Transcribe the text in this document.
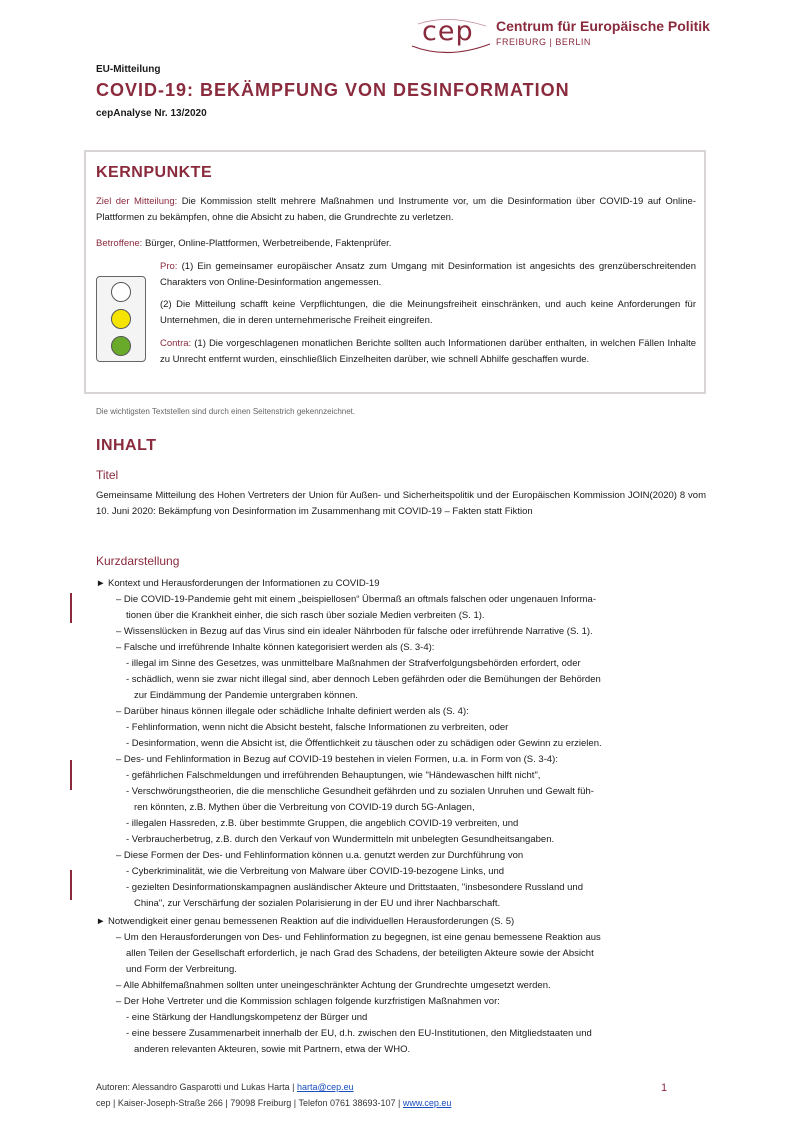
cep Centrum für Europäische Politik
FREIBURG | BERLIN
EU-Mitteilung
COVID-19: BEKÄMPFUNG VON DESINFORMATION
cepAnalyse Nr. 13/2020
KERNPUNKTE
Ziel der Mitteilung: Die Kommission stellt mehrere Maßnahmen und Instrumente vor, um die Desinformation über COVID-19 auf Online-Plattformen zu bekämpfen, ohne die Absicht zu haben, die Grundrechte zu verletzen.
Betroffene: Bürger, Online-Plattformen, Werbetreibende, Faktenprüfer.
Pro: (1) Ein gemeinsamer europäischer Ansatz zum Umgang mit Desinformation ist angesichts des grenzüberschreitenden Charakters von Online-Desinformation angemessen.
(2) Die Mitteilung schafft keine Verpflichtungen, die die Meinungsfreiheit einschränken, und auch keine Anforderungen für Unternehmen, die in deren unternehmerische Freiheit eingreifen.
Contra: (1) Die vorgeschlagenen monatlichen Berichte sollten auch Informationen darüber enthalten, in welchen Fällen Inhalte zu Unrecht entfernt wurden, einschließlich Einzelheiten darüber, wie schnell Abhilfe geschaffen wurde.
Die wichtigsten Textstellen sind durch einen Seitenstrich gekennzeichnet.
INHALT
Titel
Gemeinsame Mitteilung des Hohen Vertreters der Union für Außen- und Sicherheitspolitik und der Europäischen Kommission JOIN(2020) 8 vom 10. Juni 2020: Bekämpfung von Desinformation im Zusammenhang mit COVID-19 – Fakten statt Fiktion
Kurzdarstellung
► Kontext und Herausforderungen der Informationen zu COVID-19
– Die COVID-19-Pandemie geht mit einem „beispiellosen“ Übermaß an oftmals falschen oder ungenauen Informa-
tionen über die Krankheit einher, die sich rasch über soziale Medien verbreiten (S. 1).
– Wissenslücken in Bezug auf das Virus sind ein idealer Nährboden für falsche oder irreführende Narrative (S. 1).
– Falsche und irreführende Inhalte können kategorisiert werden als (S. 3-4):
- illegal im Sinne des Gesetzes, was unmittelbare Maßnahmen der Strafverfolgungsbehörden erfordert, oder
- schädlich, wenn sie zwar nicht illegal sind, aber dennoch Leben gefährden oder die Bemühungen der Behörden
zur Eindämmung der Pandemie untergraben können.
– Darüber hinaus können illegale oder schädliche Inhalte definiert werden als (S. 4):
- Fehlinformation, wenn nicht die Absicht besteht, falsche Informationen zu verbreiten, oder
- Desinformation, wenn die Absicht ist, die Öffentlichkeit zu täuschen oder zu schädigen oder Gewinn zu erzielen.
– Des- und Fehlinformation in Bezug auf COVID-19 bestehen in vielen Formen, u.a. in Form von (S. 3-4):
- gefährlichen Falschmeldungen und irreführenden Behauptungen, wie "Händewaschen hilft nicht",
- Verschwörungstheorien, die die menschliche Gesundheit gefährden und zu sozialen Unruhen und Gewalt füh-
ren könnten, z.B. Mythen über die Verbreitung von COVID-19 durch 5G-Anlagen,
- illegalen Hassreden, z.B. über bestimmte Gruppen, die angeblich COVID-19 verbreiten, und
- Verbraucherbetrug, z.B. durch den Verkauf von Wundermitteln mit unbelegten Gesundheitsangaben.
– Diese Formen der Des- und Fehlinformation können u.a. genutzt werden zur Durchführung von
- Cyberkriminalität, wie die Verbreitung von Malware über COVID-19-bezogene Links, und
- gezielten Desinformationskampagnen ausländischer Akteure und Drittstaaten, "insbesondere Russland und
China", zur Verschärfung der sozialen Polarisierung in der EU und ihrer Nachbarschaft.
► Notwendigkeit einer genau bemessenen Reaktion auf die individuellen Herausforderungen (S. 5)
– Um den Herausforderungen von Des- und Fehlinformation zu begegnen, ist eine genau bemessene Reaktion aus
allen Teilen der Gesellschaft erforderlich, je nach Grad des Schadens, der beteiligten Akteure sowie der Absicht
und Form der Verbreitung.
– Alle Abhilfemaßnahmen sollten unter uneingeschränkter Achtung der Grundrechte umgesetzt werden.
– Der Hohe Vertreter und die Kommission schlagen folgende kurzfristigen Maßnahmen vor:
- eine Stärkung der Handlungskompetenz der Bürger und
- eine bessere Zusammenarbeit innerhalb der EU, d.h. zwischen den EU-Institutionen, den Mitgliedstaaten und
anderen relevanten Akteuren, sowie mit Partnern, etwa der WHO.
Autoren: Alessandro Gasparotti und Lukas Harta | harta@cep.eu
cep | Kaiser-Joseph-Straße 266 | 79098 Freiburg | Telefon 0761 38693-107 | www.cep.eu
1
